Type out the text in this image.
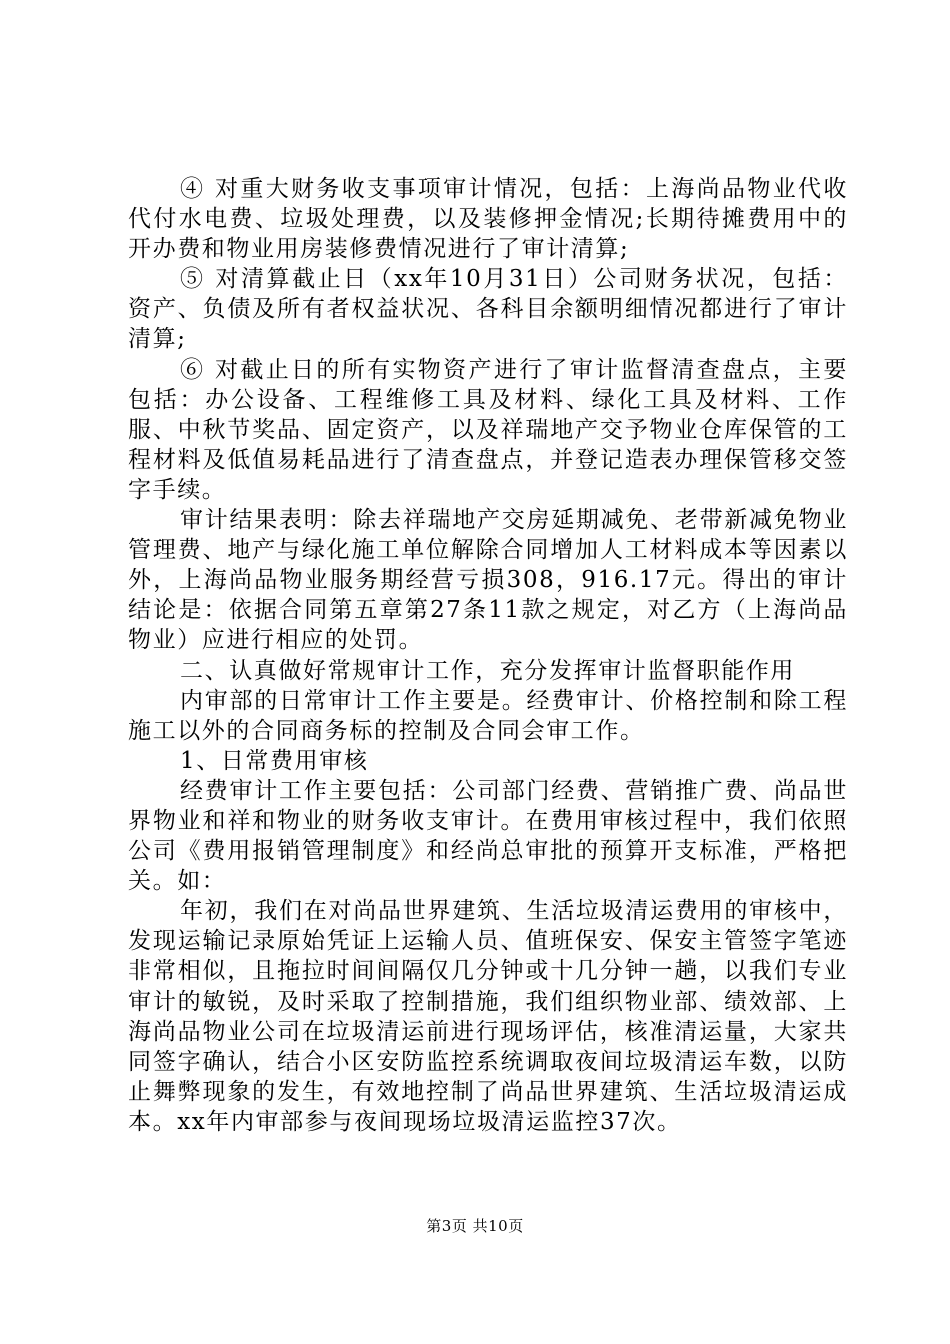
④ 对重大财务收支事项审计情况，包括：上海尚品物业代收代付水电费、垃圾处理费，以及装修押金情况;长期待摊费用中的开办费和物业用房装修费情况进行了审计清算;

⑤ 对清算截止日（xx年10月31日）公司财务状况，包括：资产、负债及所有者权益状况、各科目余额明细情况都进行了审计清算;

⑥ 对截止日的所有实物资产进行了审计监督清查盘点，主要包括：办公设备、工程维修工具及材料、绿化工具及材料、工作服、中秋节奖品、固定资产，以及祥瑞地产交予物业仓库保管的工程材料及低值易耗品进行了清查盘点，并登记造表办理保管移交签字手续。

审计结果表明：除去祥瑞地产交房延期减免、老带新减免物业管理费、地产与绿化施工单位解除合同增加人工材料成本等因素以外，上海尚品物业服务期经营亏损308，916.17元。得出的审计结论是：依据合同第五章第27条11款之规定，对乙方（上海尚品物业）应进行相应的处罚。

二、认真做好常规审计工作，充分发挥审计监督职能作用

内审部的日常审计工作主要是。经费审计、价格控制和除工程施工以外的合同商务标的控制及合同会审工作。

1、日常费用审核

经费审计工作主要包括：公司部门经费、营销推广费、尚品世界物业和祥和物业的财务收支审计。在费用审核过程中，我们依照公司《费用报销管理制度》和经尚总审批的预算开支标准，严格把关。如：

年初，我们在对尚品世界建筑、生活垃圾清运费用的审核中，发现运输记录原始凭证上运输人员、值班保安、保安主管签字笔迹非常相似，且拖拉时间间隔仅几分钟或十几分钟一趟，以我们专业审计的敏锐，及时采取了控制措施，我们组织物业部、绩效部、上海尚品物业公司在垃圾清运前进行现场评估，核准清运量，大家共同签字确认，结合小区安防监控系统调取夜间垃圾清运车数，以防止舞弊现象的发生，有效地控制了尚品世界建筑、生活垃圾清运成本。xx年内审部参与夜间现场垃圾清运监控37次。

第3页 共10页
